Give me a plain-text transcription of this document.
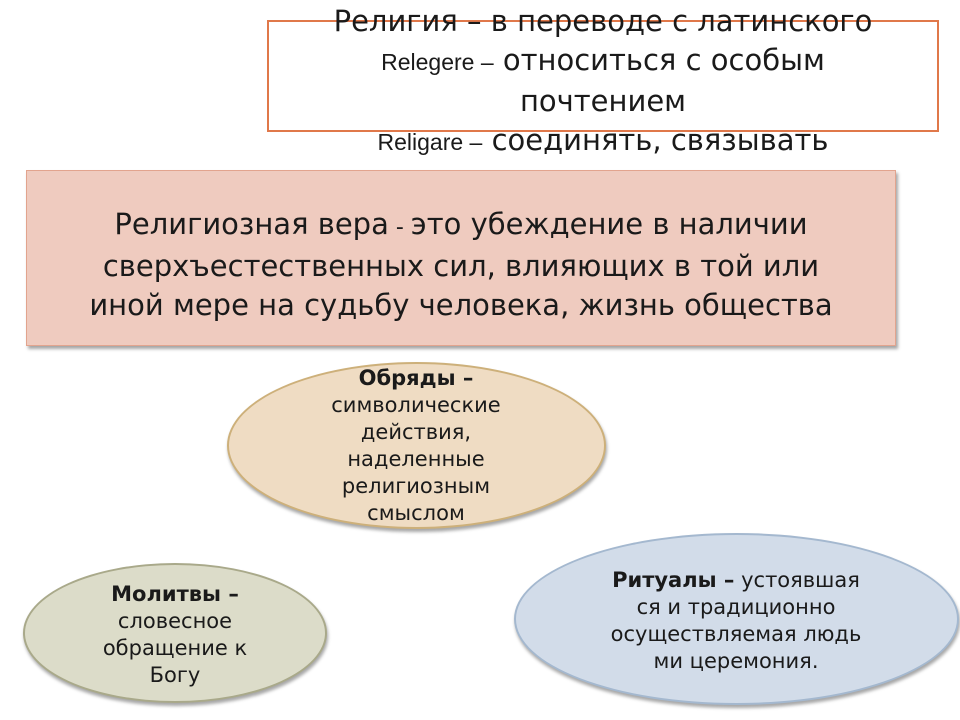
Религия – в переводе с латинского
Relegere – относиться с особым
почтением
Religare – соединять, связывать
Религиозная вера - это убеждение в наличии
сверхъестественных сил, влияющих в той или
иной мере на судьбу человека, жизнь общества
Обряды –
символические
действия,
наделенные
религиозным
смыслом
Молитвы –
словесное
обращение к
Богу
Ритуалы – устоявшая
ся и традиционно
осуществляемая людь
ми церемония.
